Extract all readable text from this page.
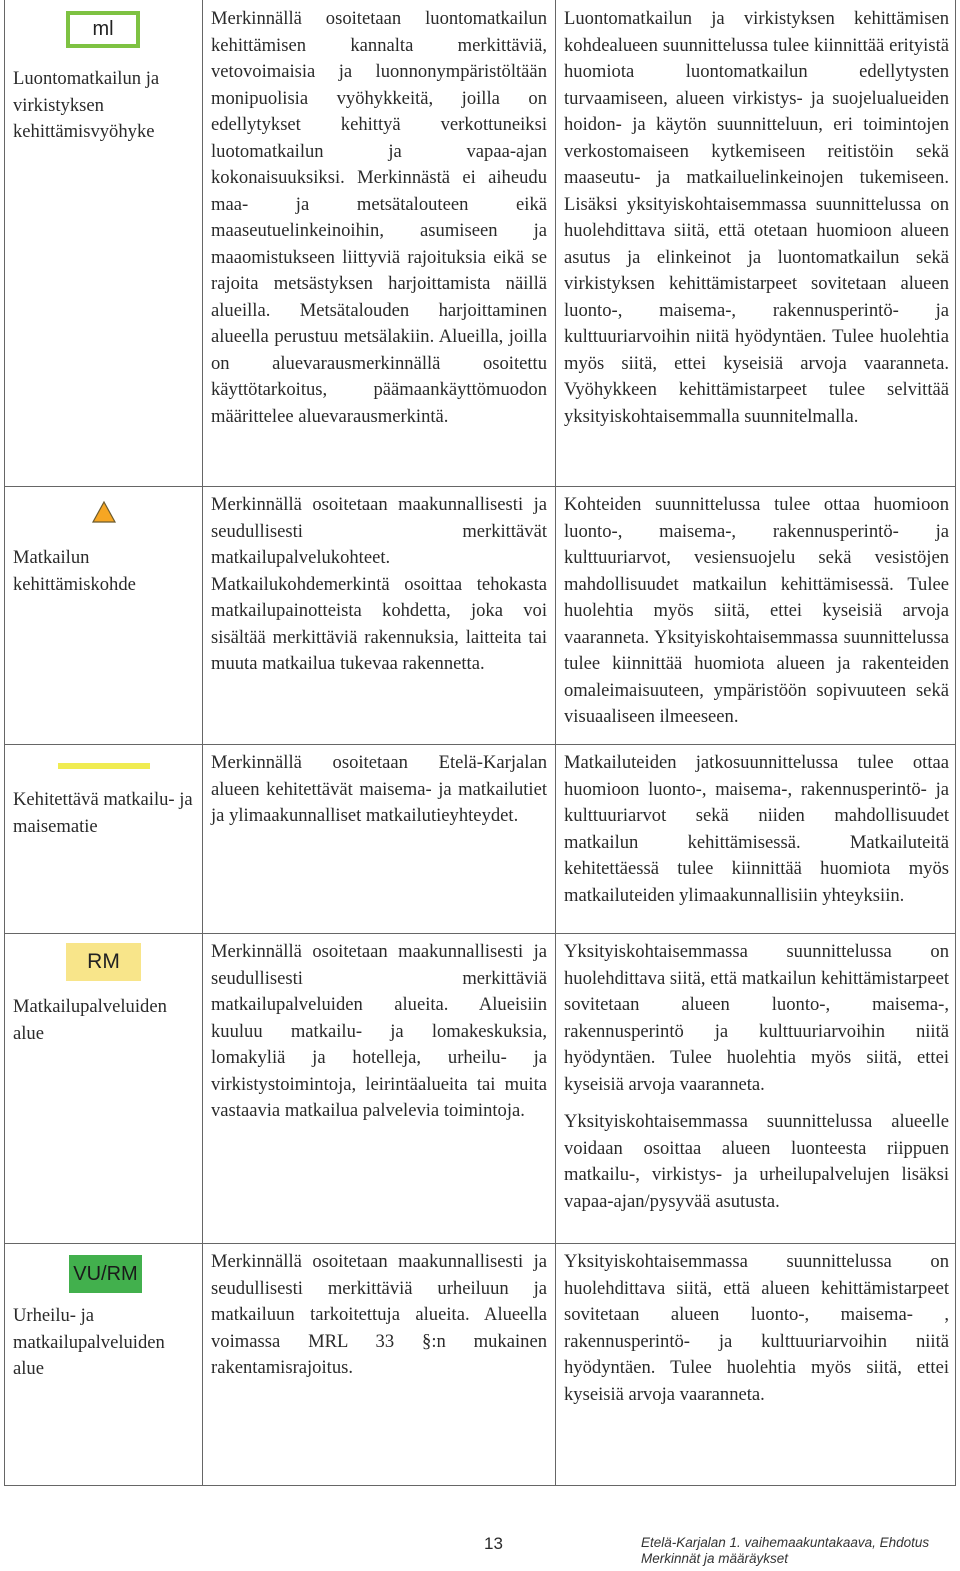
ml

Luontomatkailun ja virkistyksen kehittämisvyöhyke

Merkinnällä osoitetaan luontomatkailun kehittämisen kannalta merkittäviä, vetovoimaisia ja luonnonympäristöltään monipuolisia vyöhykkeitä, joilla on edellytykset kehittyä verkottuneiksi luotomatkailun ja vapaa-ajan kokonaisuuksiksi. Merkinnästä ei aiheudu maa- ja metsätalouteen eikä maaseutuelinkeinoihin, asumiseen ja maaomistukseen liittyviä rajoituksia eikä se rajoita metsästyksen harjoittamista näillä alueilla. Metsätalouden harjoittaminen alueella perustuu metsälakiin. Alueilla, joilla on aluevarausmerkinnällä osoitettu käyttötarkoitus, päämaankäyttömuodon määrittelee aluevarausmerkintä.

Luontomatkailun ja virkistyksen kehittämisen kohdealueen suunnittelussa tulee kiinnittää erityistä huomiota luontomatkailun edellytysten turvaamiseen, alueen virkistys- ja suojelualueiden hoidon- ja käytön suunnitteluun, eri toimintojen verkostomaiseen kytkemiseen reitistöin sekä maaseutu- ja matkailuelinkeinojen tukemiseen. Lisäksi yksityiskohtaisemmassa suunnittelussa on huolehdittava siitä, että otetaan huomioon alueen asutus ja elinkeinot ja luontomatkailun sekä virkistyksen kehittämistarpeet sovitetaan alueen luonto-, maisema-, rakennusperintö- ja kulttuuriarvoihin niitä hyödyntäen. Tulee huolehtia myös siitä, ettei kyseisiä arvoja vaaranneta. Vyöhykkeen kehittämistarpeet tulee selvittää yksityiskohtaisemmalla suunnitelmalla.

Matkailun kehittämiskohde

Merkinnällä osoitetaan maakunnallisesti ja seudullisesti merkittävät matkailupalvelukohteet. Matkailukohdemerkintä osoittaa tehokasta matkailupainotteista kohdetta, joka voi sisältää merkittäviä rakennuksia, laitteita tai muuta matkailua tukevaa rakennetta.

Kohteiden suunnittelussa tulee ottaa huomioon luonto-, maisema-, rakennusperintö- ja kulttuuriarvot, vesiensuojelu sekä vesistöjen mahdollisuudet matkailun kehittämisessä. Tulee huolehtia myös siitä, ettei kyseisiä arvoja vaaranneta. Yksityiskohtaisemmassa suunnittelussa tulee kiinnittää huomiota alueen ja rakenteiden omaleimaisuuteen, ympäristöön sopivuuteen sekä visuaaliseen ilmeeseen.

Kehitettävä matkailu- ja maisematie

Merkinnällä osoitetaan Etelä-Karjalan alueen kehitettävät maisema- ja matkailutiet ja ylimaakunnalliset matkailutieyhteydet.

Matkailuteiden jatkosuunnittelussa tulee ottaa huomioon luonto-, maisema-, rakennusperintö- ja kulttuuriarvot sekä niiden mahdollisuudet matkailun kehittämisessä. Matkailuteitä kehitettäessä tulee kiinnittää huomiota myös matkailuteiden ylimaakunnallisiin yhteyksiin.

RM

Matkailupalveluiden alue

Merkinnällä osoitetaan maakunnallisesti ja seudullisesti merkittäviä matkailupalveluiden alueita. Alueisiin kuuluu matkailu- ja lomakeskuksia, lomakyliä ja hotelleja, urheilu- ja virkistystoimintoja, leirintäalueita tai muita vastaavia matkailua palvelevia toimintoja.

Yksityiskohtaisemmassa suunnittelussa on huolehdittava siitä, että matkailun kehittämistarpeet sovitetaan alueen luonto-, maisema-, rakennusperintö ja kulttuuriarvoihin niitä hyödyntäen. Tulee huolehtia myös siitä, ettei kyseisiä arvoja vaaranneta.

Yksityiskohtaisemmassa suunnittelussa alueelle voidaan osoittaa alueen luonteesta riippuen matkailu-, virkistys- ja urheilupalvelujen lisäksi vapaa-ajan/pysyvää asutusta.

VU/RM

Urheilu- ja matkailupalveluiden alue

Merkinnällä osoitetaan maakunnallisesti ja seudullisesti merkittäviä urheiluun ja matkailuun tarkoitettuja alueita. Alueella voimassa MRL 33 §:n mukainen rakentamisrajoitus.

Yksityiskohtaisemmassa suunnittelussa on huolehdittava siitä, että alueen kehittämistarpeet sovitetaan alueen luonto-, maisema- , rakennusperintö- ja kulttuuriarvoihin niitä hyödyntäen. Tulee huolehtia myös siitä, ettei kyseisiä arvoja vaaranneta.

13	Etelä-Karjalan 1. vaihemaakuntakaava, Ehdotus
Merkinnät ja määräykset
